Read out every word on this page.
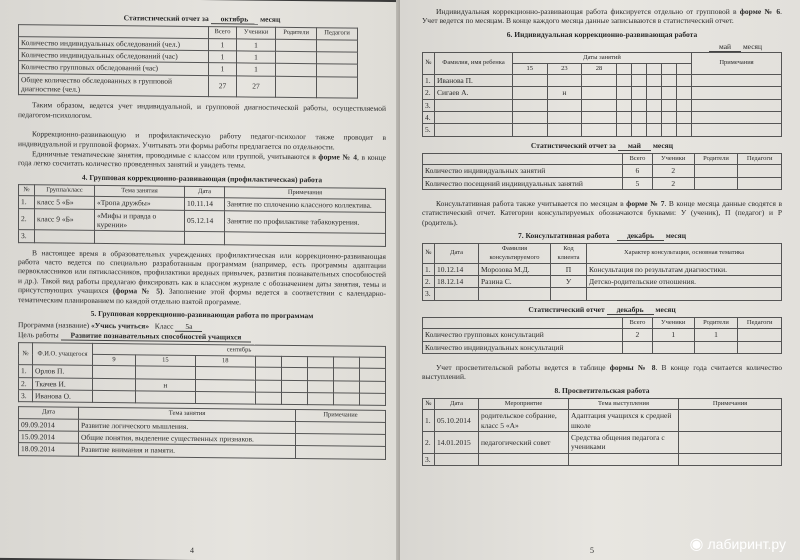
Статистический отчет за октябрь месяц
	Всего	Ученики	Родители	Педагоги
Количество индивидуальных обследований (чел.)	1	1		
Количество индивидуальных обследований (час)	1	1		
Количество групповых обследований (час)	1	1		
Общее количество обследованных в групповой диагностике (чел.)	27	27		

Таким образом, ведется учет индивидуальной, и групповой диагностической работы, осуществляемой педагогом-психологом.

Коррекционно-развивающую и профилактическую работу педагог-психолог также проводит в индивидуальной и групповой формах. Учитывать эти формы работы предлагается по отдельности.

Единичные тематические занятия, проводимые с классом или группой, учитываются в форме № 4, в конце года легко сосчитать количество проведенных занятий и увидеть темы.

4. Групповая коррекционно-развивающая (профилактическая) работа
№	Группа/класс	Тема занятия	Дата	Примечания
1.	класс 5 «Б»	«Тропа дружбы»	10.11.14	Занятие по сплочению классного коллектива.
2.	класс 9 «Б»	«Мифы и правда о курении»	05.12.14	Занятие по профилактике табакокурения.
3.				

В настоящее время в образовательных учреждениях профилактическая или коррекционно-развивающая работа часто ведется по специально разработанным программам (например, есть программы адаптации первоклассников или пятиклассников, профилактики вредных привычек, развития познавательных способностей и др.). Такой вид работы предлагаю фиксировать как в классном журнале с обозначением даты занятия, темы и присутствующих учащихся (форма № 5). Заполнение этой формы ведется в соответствии с календарно-тематическим планированием по каждой отдельно взятой программе.

5. Групповая коррекционно-развивающая работа по программам
Программа (название) «Учись учиться» Класс 5а
Цель работы Развитие познавательных способностей учащихся
№	Ф.И.О. учащегося	сентябрь							
		9	15	18					
1.	Орлов П.								
2.	Ткачев И.		н						
3.	Иванова О.								
Дата	Тема занятия	Примечание
09.09.2014	Развитие логического мышления.	
15.09.2014	Общие понятия, выделение существенных признаков.	
18.09.2014	Развитие внимания и памяти.	
4

Индивидуальная коррекционно-развивающая работа фиксируется отдельно от групповой в форме № 6. Учет ведется по месяцам. В конце каждого месяца данные записываются в статистический отчет.

6. Индивидуальная коррекционно-развивающая работа
май месяц
№	Фамилия, имя ребенка	Даты занятий								Примечания
		15	23	28						
1.	Иванова П.									
2.	Сигаев А.		н							
3.										
4.										
5.										
Статистический отчет за май месяц
	Всего	Ученики	Родители	Педагоги
Количество индивидуальных занятий	6	2		
Количество посещений индивидуальных занятий	5	2		

Консультативная работа также учитывается по месяцам в форме № 7. В конце месяца данные сводятся в статистический отчет. Категории консультируемых обозначаются буквами: У (ученик), П (педагог) и Р (родитель).

7. Консультативная работа декабрь месяц
№	Дата	Фамилия консультируемого	Код клиента	Характер консультации, основная тематика
1.	10.12.14	Морозова М.Д.	П	Консультация по результатам диагностики.
2.	18.12.14	Разина С.	У	Детско-родительские отношения.
3.				
Статистический отчет декабрь месяц
	Всего	Ученики	Родители	Педагоги
Количество групповых консультаций	2	1	1	
Количество индивидуальных консультаций				

Учет просветительской работы ведется в таблице формы № 8. В конце года считается количество выступлений.

8. Просветительская работа
№	Дата	Мероприятие	Тема выступления	Примечания
1.	05.10.2014	родительское собрание, класс 5 «А»	Адаптация учащихся к средней школе	
2.	14.01.2015	педагогический совет	Средства общения педагога с учениками	
3.				
5	◉ лабиринт.ру
